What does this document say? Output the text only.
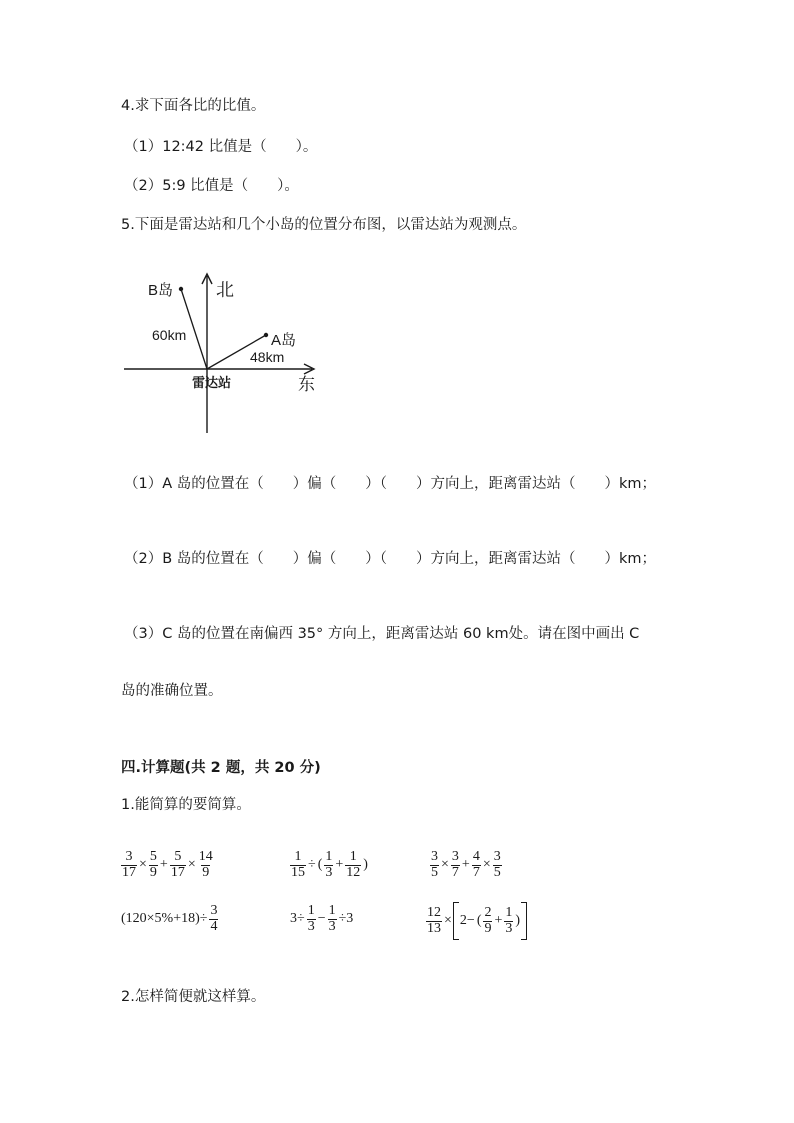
4.求下面各比的比值。
（1）12:42 比值是（　　）。
（2）5:9 比值是（　　）。
5.下面是雷达站和几个小岛的位置分布图，以雷达站为观测点。
北
东
雷达站
B岛
A岛
60km
48km
（1）A 岛的位置在（　　）偏（　　）（　　）方向上，距离雷达站（　　）km；
（2）B 岛的位置在（　　）偏（　　）（　　）方向上，距离雷达站（　　）km；
（3）C 岛的位置在南偏西 35° 方向上，距离雷达站 60 km处。请在图中画出 C
岛的准确位置。
四.计算题(共 2 题，共 20 分)
1.能简算的要简算。
$\frac{3}{17} \times \frac{5}{9} + \frac{5}{17} \times \frac{14}{9}$	$\frac{1}{15}$ ÷ ( $\frac{1}{3} + \frac{1}{12}$ )	$\frac{3}{5} \times \frac{3}{7} + \frac{4}{7} \times \frac{3}{5}$
$(120\times 5\%+18)\div \frac{3}{4}$	$3\div \frac{1}{3} - \frac{1}{3} \div 3$	$\frac{12}{13} \times 2-$ ( $\frac{2}{9} + \frac{1}{3}$ )
2.怎样简便就这样算。
